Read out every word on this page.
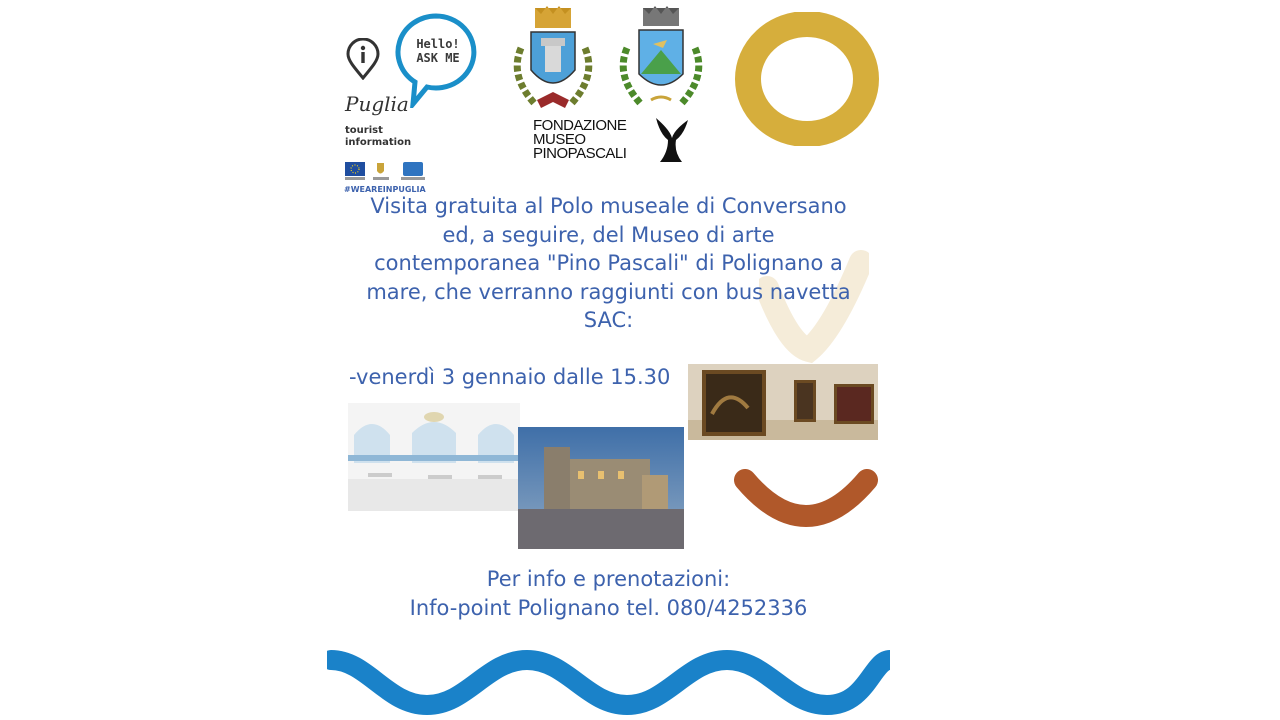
Hello!
ASK ME
Puglia
tourist
information
#WEAREINPUGLIA
FONDAZIONE
MUSEO
PINOPASCALI
Visita gratuita al Polo museale di Conversano
ed, a seguire, del Museo di arte
contemporanea "Pino Pascali" di Polignano a
mare, che verranno raggiunti con bus navetta
SAC:
-venerdì 3 gennaio dalle 15.30
Per info e prenotazioni:
Info-point Polignano tel. 080/4252336
